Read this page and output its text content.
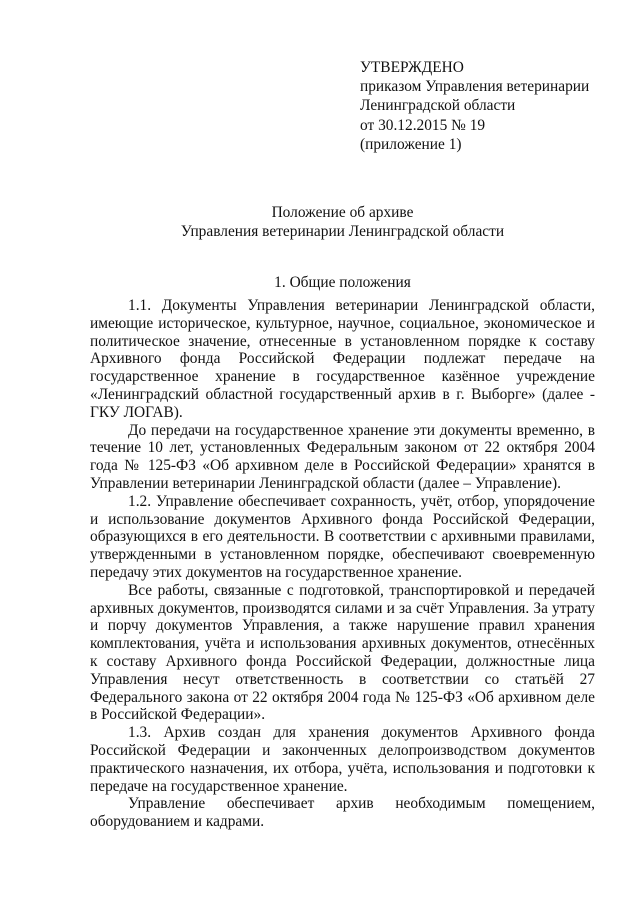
УТВЕРЖДЕНО
приказом Управления ветеринарии
Ленинградской области
от 30.12.2015 № 19
(приложение 1)
Положение об архиве
Управления ветеринарии Ленинградской области
1. Общие положения

1.1. Документы Управления ветеринарии Ленинградской области, имеющие историческое, культурное, научное, социальное, экономическое и политическое значение, отнесенные в установленном порядке к составу Архивного фонда Российской Федерации подлежат передаче на государственное хранение в государственное казённое учреждение «Ленинградский областной государственный архив в г. Выборге» (далее - ГКУ ЛОГАВ).

До передачи на государственное хранение эти документы временно, в течение 10 лет, установленных Федеральным законом от 22 октября 2004 года № 125-ФЗ «Об архивном деле в Российской Федерации» хранятся в Управлении ветеринарии Ленинградской области (далее – Управление).

1.2. Управление обеспечивает сохранность, учёт, отбор, упорядочение и использование документов Архивного фонда Российской Федерации, образующихся в его деятельности. В соответствии с архивными правилами, утвержденными в установленном порядке, обеспечивают своевременную передачу этих документов на государственное хранение.

Все работы, связанные с подготовкой, транспортировкой и передачей архивных документов, производятся силами и за счёт Управления. За утрату и порчу документов Управления, а также нарушение правил хранения комплектования, учёта и использования архивных документов, отнесённых к составу Архивного фонда Российской Федерации, должностные лица Управления несут ответственность в соответствии со статьёй 27 Федерального закона от 22 октября 2004 года № 125-ФЗ «Об архивном деле в Российской Федерации».

1.3. Архив создан для хранения документов Архивного фонда Российской Федерации и законченных делопроизводством документов практического назначения, их отбора, учёта, использования и подготовки к передаче на государственное хранение.

Управление обеспечивает архив необходимым помещением, оборудованием и кадрами.
